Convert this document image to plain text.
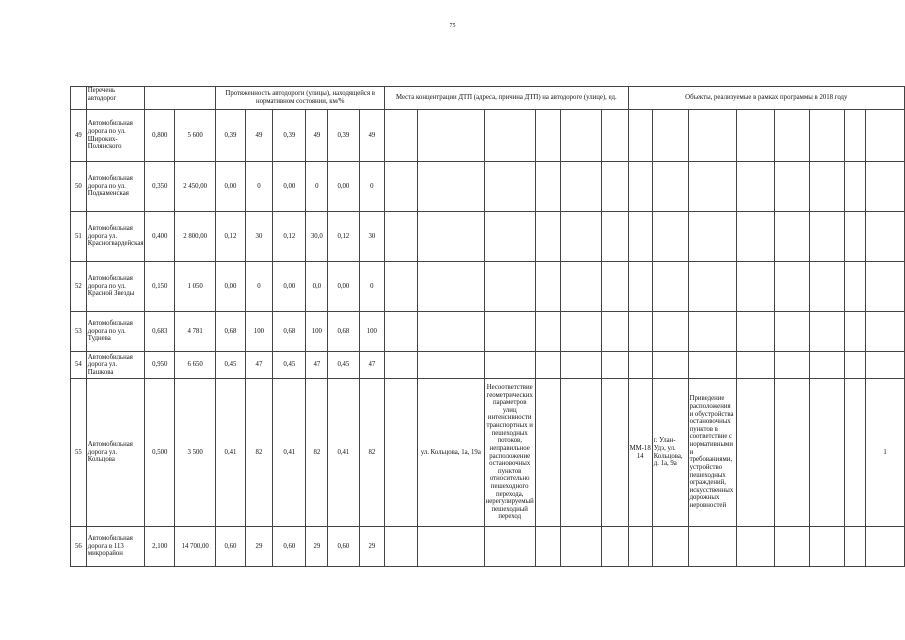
75
	Перечень автодорог			Протяженность автодороги (улицы), находящейся в нормативном состоянии, км/%						Места концентрации ДТП (адреса, причина ДТП) на автодороге (улице), ед.						Объекты, реализуемые в рамках программы в 2018 году							
49	Автомобильная дорога по ул. Широких-Полянского	0,800	5 600	0,39	49	0,39	49	0,39	49														
50	Автомобильная дорога по ул. Подкаменская	0,350	2 450,00	0,00	0	0,00	0	0,00	0														
51	Автомобильная дорога ул. Красногвардейская	0,400	2 800,00	0,12	30	0,12	30,0	0,12	30														
52	Автомобильная дорога по ул. Красной Звезды	0,150	1 050	0,00	0	0,00	0,0	0,00	0														
53	Автомобильная дорога по ул. Туднева	0,683	4 781	0,68	100	0,68	100	0,68	100														
54	Автомобильная дорога ул. Пашкова	0,950	6 650	0,45	47	0,45	47	0,45	47														
55	Автомобильная дорога ул. Кольцова	0,500	3 500	0,41	82	0,41	82	0,41	82		ул. Кольцова, 1а, 19а	Несоответствие геометрических параметров улиц интенсивности транспортных и пешеходных потоков, неправильное расположение остановочных пунктов относительно пешеходного перехода, нерегулируемый пешеходный переход				ММ-18 14	г. Улан-Удэ, ул. Кольцова, д. 1а, 9а	Приведение расположения и обустройства остановочных пунктов в соответствие с нормативными и требованиями, устройство пешеходных ограждений, искусственных дорожных неровностей					1
56	Автомобильная дорога в 113 микрорайон	2,100	14 700,00	0,60	29	0,60	29	0,60	29														
